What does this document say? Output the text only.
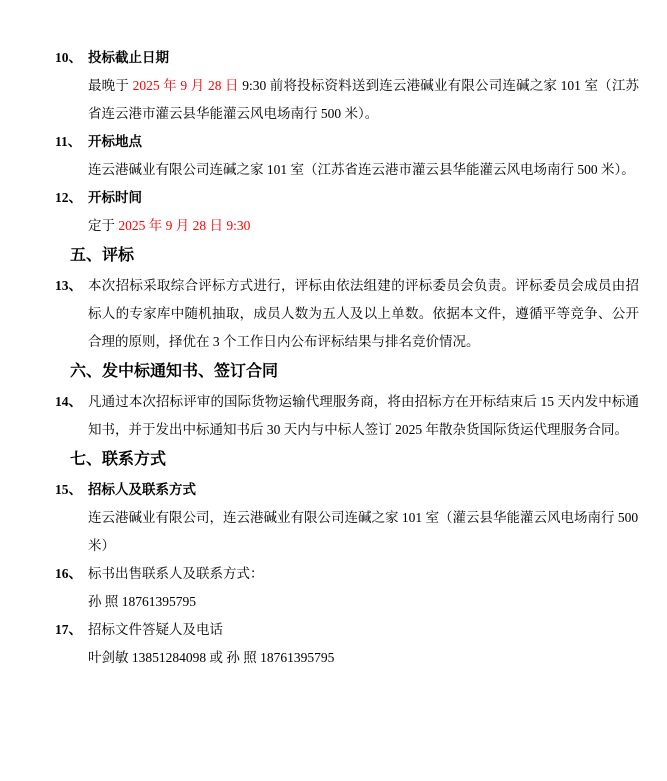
10、 投标截止日期

最晚于 2025 年 9 月 28 日 9:30 前将投标资料送到连云港碱业有限公司连碱之家 101 室（江苏省连云港市灌云县华能灌云风电场南行 500 米）。

11、 开标地点

连云港碱业有限公司连碱之家 101 室（江苏省连云港市灌云县华能灌云风电场南行 500 米）。

12、 开标时间

定于 2025 年 9 月 28 日 9:30

五、评标
13、 本次招标采取综合评标方式进行，评标由依法组建的评标委员会负责。评标委员会成员由招标人的专家库中随机抽取，成员人数为五人及以上单数。依据本文件，遵循平等竞争、公开合理的原则，择优在 3 个工作日内公布评标结果与排名竞价情况。

六、发中标通知书、签订合同
14、 凡通过本次招标评审的国际货物运输代理服务商，将由招标方在开标结束后 15 天内发中标通知书，并于发出中标通知书后 30 天内与中标人签订 2025 年散杂货国际货运代理服务合同。

七、联系方式
15、 招标人及联系方式

连云港碱业有限公司，连云港碱业有限公司连碱之家 101 室（灌云县华能灌云风电场南行 500 米）

16、 标书出售联系人及联系方式：

孙 照 18761395795

17、 招标文件答疑人及电话

叶剑敏 13851284098 或 孙 照 18761395795
